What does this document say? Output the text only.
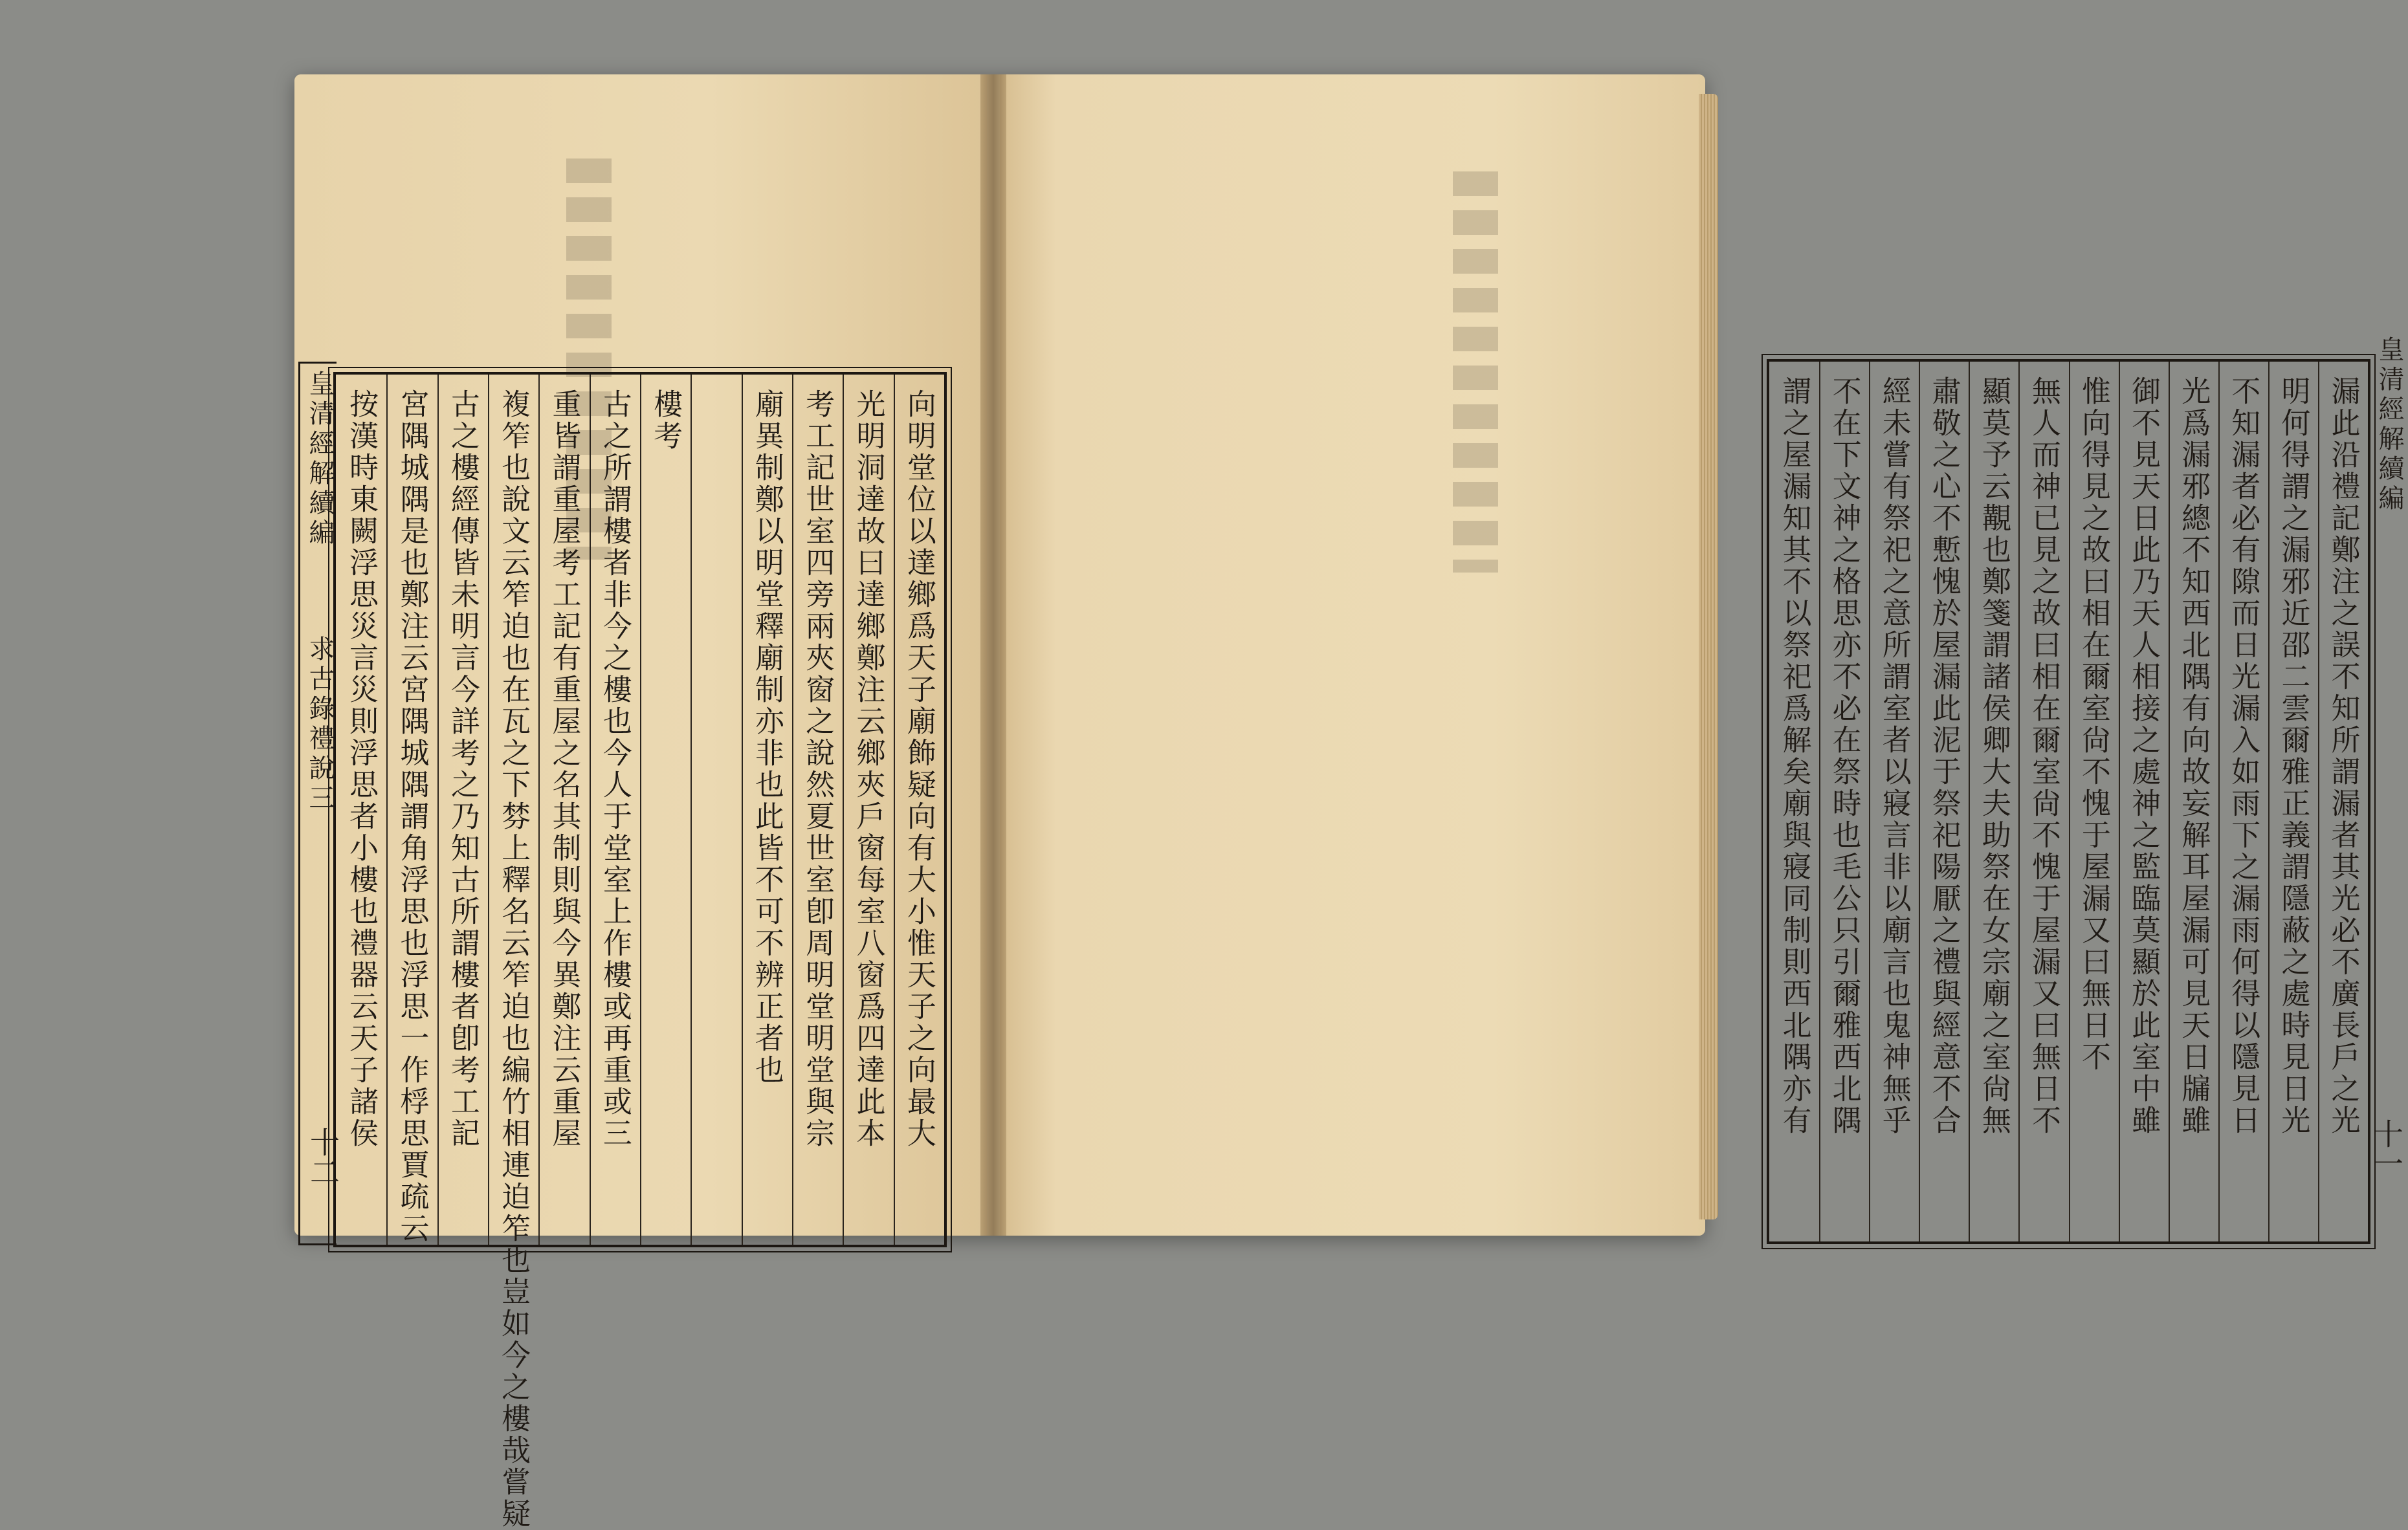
皇清經解續編
求古錄禮說三
十二
向明堂位以達鄉爲天子廟飾疑向有大小惟天子之向最大
光明洞達故曰達鄉鄭注云鄉夾戶窗每室八窗爲四達此本
考工記世室四旁兩夾窗之說然夏世室卽周明堂明堂與宗
廟異制鄭以明堂釋廟制亦非也此皆不可不辨正者也
樓考
古之所謂樓者非今之樓也今人于堂室上作樓或再重或三
重皆謂重屋考工記有重屋之名其制則與今異鄭注云重屋
複笮也說文云笮迫也在瓦之下棼上釋名云笮迫也編竹相連迫笮也豈如今之樓哉嘗疑
古之樓經傳皆未明言今詳考之乃知古所謂樓者卽考工記
宮隅城隅是也鄭注云宮隅城隅謂角浮思也浮思一作桴思賈疏云
按漢時東闕浮思災言災則浮思者小樓也禮器云天子諸侯	漏此沿禮記鄭注之誤不知所謂漏者其光必不廣長戶之光
明何得謂之漏邪近邵二雲爾雅正義謂隱蔽之處時見日光
不知漏者必有隙而日光漏入如雨下之漏雨何得以隱見日
光爲漏邪總不知西北隅有向故妄解耳屋漏可見天日牖雖
御不見天日此乃天人相接之處神之監臨莫顯於此室中雖
惟向得見之故曰相在爾室尙不愧于屋漏又曰無日不
無人而神已見之故曰相在爾室尙不愧于屋漏又曰無日不
顯莫予云覯也鄭箋謂諸侯卿大夫助祭在女宗廟之室尙無
肅敬之心不慙愧於屋漏此泥于祭祀陽厭之禮與經意不合
經未嘗有祭祀之意所謂室者以寢言非以廟言也鬼神無乎
不在下文神之格思亦不必在祭時也毛公只引爾雅西北隅
謂之屋漏知其不以祭祀爲解矣廟與寢同制則西北隅亦有
十一
皇清經解續編
